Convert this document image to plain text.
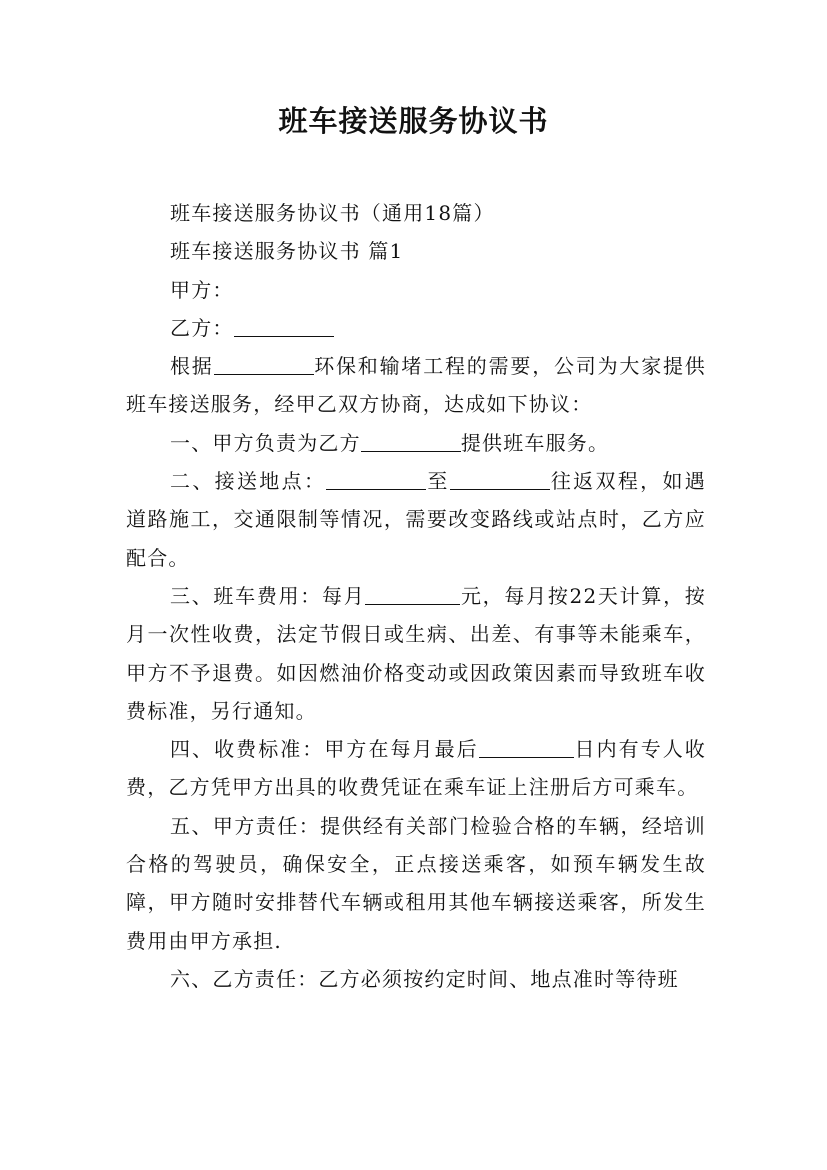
班车接送服务协议书

班车接送服务协议书（通用18篇）

班车接送服务协议书 篇1

甲方：

乙方：

根据	环保和输堵工程的需要，公司为大家提供班车接送服务，经甲乙双方协商，达成如下协议：

一、甲方负责为乙方	提供班车服务。

二、接送地点：	至	往返双程，如遇道路施工，交通限制等情况，需要改变路线或站点时，乙方应配合。

三、班车费用：每月	元，每月按22天计算，按月一次性收费，法定节假日或生病、出差、有事等未能乘车，甲方不予退费。如因燃油价格变动或因政策因素而导致班车收费标准，另行通知。

四、收费标准：甲方在每月最后	日内有专人收费，乙方凭甲方出具的收费凭证在乘车证上注册后方可乘车。

五、甲方责任：提供经有关部门检验合格的车辆，经培训合格的驾驶员，确保安全，正点接送乘客，如预车辆发生故障，甲方随时安排替代车辆或租用其他车辆接送乘客，所发生费用由甲方承担.

六、乙方责任：乙方必须按约定时间、地点准时等待班
